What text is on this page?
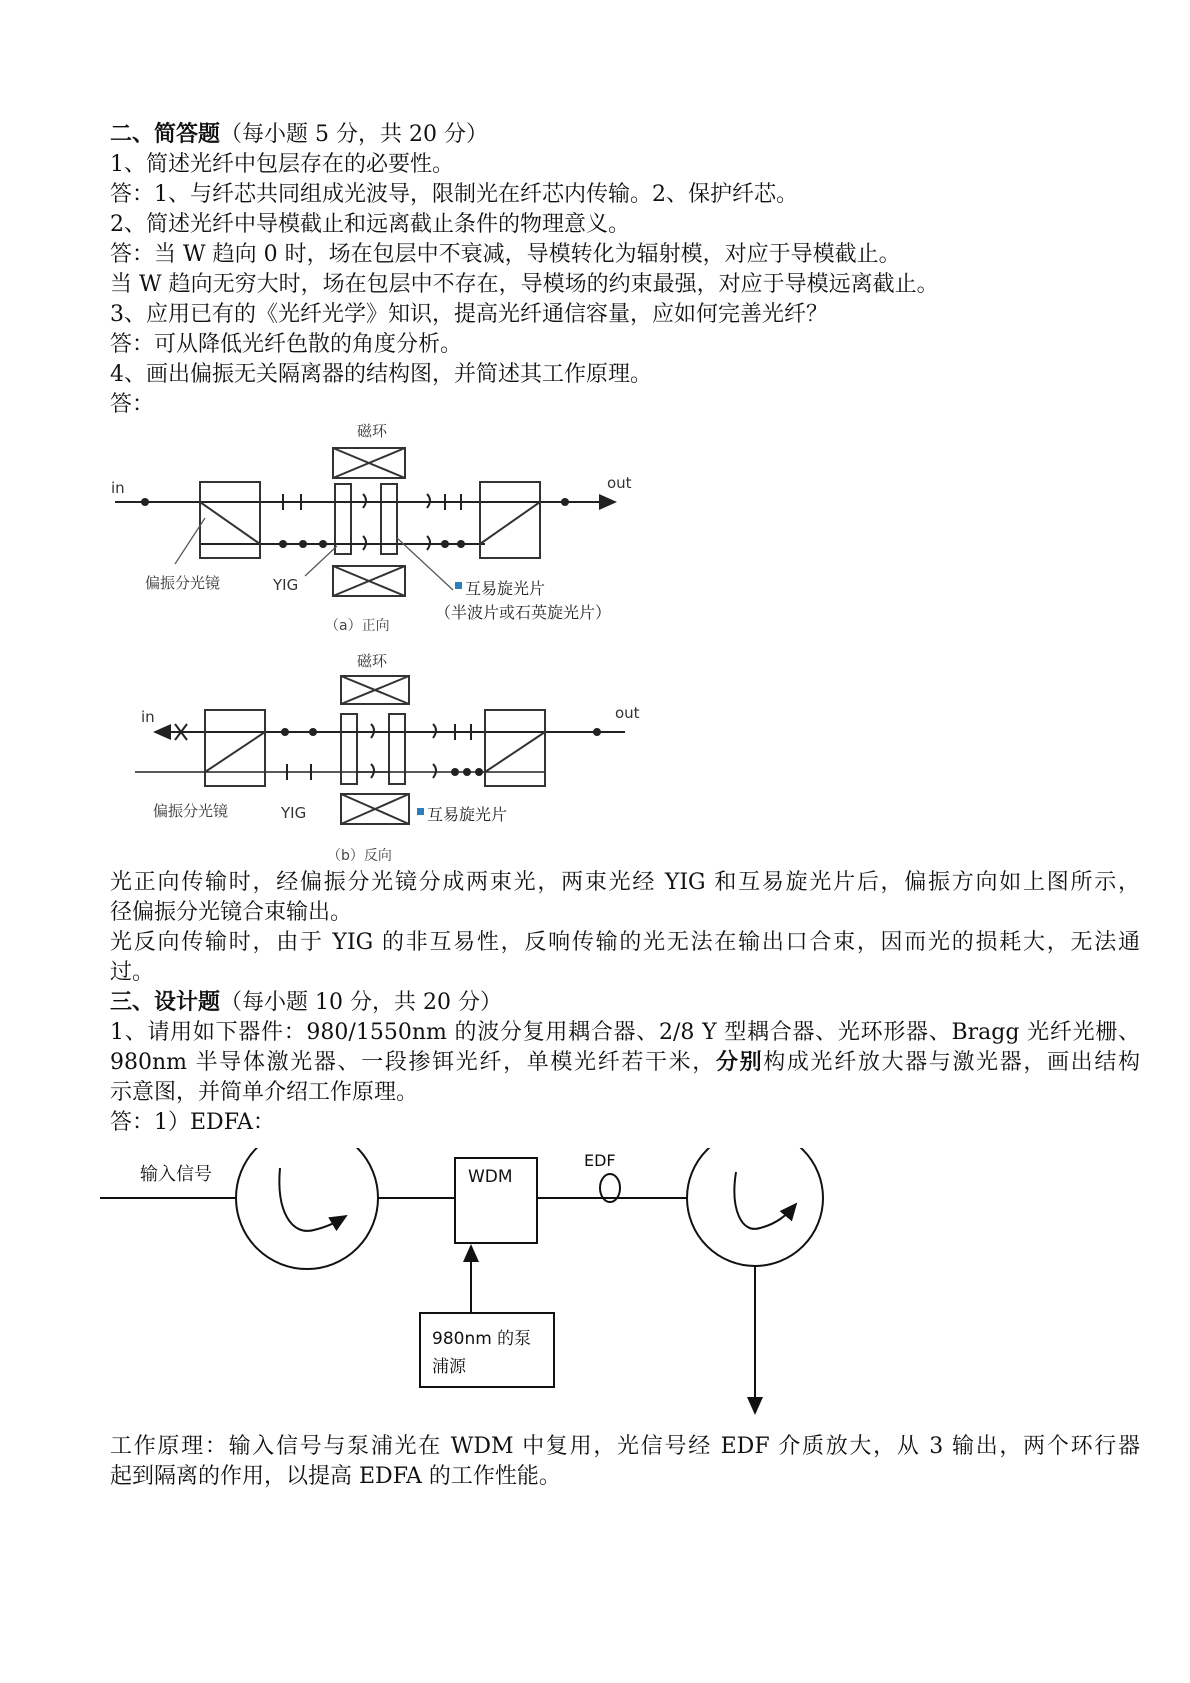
二、简答题（每小题 5 分，共 20 分）
1、简述光纤中包层存在的必要性。
答：1、与纤芯共同组成光波导，限制光在纤芯内传输。2、保护纤芯。
2、简述光纤中导模截止和远离截止条件的物理意义。
答：当 W 趋向 0 时，场在包层中不衰减，导模转化为辐射模，对应于导模截止。
当 W 趋向无穷大时，场在包层中不存在，导模场的约束最强，对应于导模远离截止。
3、应用已有的《光纤光学》知识，提高光纤通信容量，应如何完善光纤？
答：可从降低光纤色散的角度分析。
4、画出偏振无关隔离器的结构图，并简述其工作原理。
答：
磁环
in	out
偏振分光镜	YIG	互易旋光片
（半波片或石英旋光片）
（a）正向
磁环
in	out
偏振分光镜	YIG	互易旋光片
（b）反向
光正向传输时，经偏振分光镜分成两束光，两束光经 YIG 和互易旋光片后，偏振方向如上图所示，
径偏振分光镜合束输出。
光反向传输时，由于 YIG 的非互易性，反响传输的光无法在输出口合束，因而光的损耗大，无法通
过。
三、设计题（每小题 10 分，共 20 分）
1、请用如下器件：980/1550nm 的波分复用耦合器、2/8 Y 型耦合器、光环形器、Bragg 光纤光栅、
980nm 半导体激光器、一段掺铒光纤，单模光纤若干米，分别构成光纤放大器与激光器，画出结构
示意图，并简单介绍工作原理。
答：1）EDFA：
输入信号	WDM
EDF
980nm 的泵
浦源
工作原理：输入信号与泵浦光在 WDM 中复用，光信号经 EDF 介质放大，从 3 输出，两个环行器
起到隔离的作用，以提高 EDFA 的工作性能。
